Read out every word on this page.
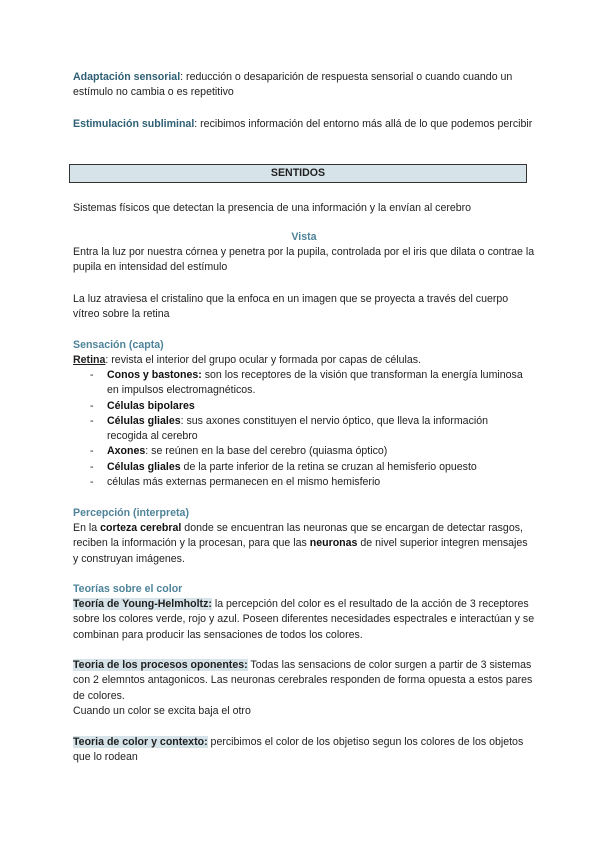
Adaptación sensorial: reducción o desaparición de respuesta sensorial o cuando cuando un estímulo no cambia o es repetitivo

Estimulación subliminal: recibimos información del entorno más allá de lo que podemos percibir

SENTIDOS

Sistemas físicos que detectan la presencia de una información y la envían al cerebro

Vista

Entra la luz por nuestra córnea y penetra por la pupila, controlada por el iris que dilata o contrae la pupila en intensidad del estímulo

La luz atraviesa el cristalino que la enfoca en un imagen que se proyecta a través del cuerpo vítreo sobre la retina

Sensación (capta)

Retina: revista el interior del grupo ocular y formada por capas de células.

- Conos y bastones: son los receptores de la visión que transforman la energía luminosa en impulsos electromagnéticos.
- Células bipolares
- Células gliales: sus axones constituyen el nervio óptico, que lleva la información recogida al cerebro
- Axones: se reúnen en la base del cerebro (quiasma óptico)
- Células gliales de la parte inferior de la retina se cruzan al hemisferio opuesto
- células más externas permanecen en el mismo hemisferio
Percepción (interpreta)

En la corteza cerebral donde se encuentran las neuronas que se encargan de detectar rasgos, reciben la información y la procesan, para que las neuronas de nivel superior integren mensajes y construyan imágenes.

Teorías sobre el color

Teoría de Young-Helmholtz: la percepción del color es el resultado de la acción de 3 receptores sobre los colores verde, rojo y azul. Poseen diferentes necesidades espectrales e interactúan y se combinan para producir las sensaciones de todos los colores.

Teoria de los procesos oponentes: Todas las sensacions de color surgen a partir de 3 sistemas con 2 elemntos antagonicos. Las neuronas cerebrales responden de forma opuesta a estos pares de colores.
Cuando un color se excita baja el otro

Teoria de color y contexto: percibimos el color de los objetiso segun los colores de los objetos que lo rodean
